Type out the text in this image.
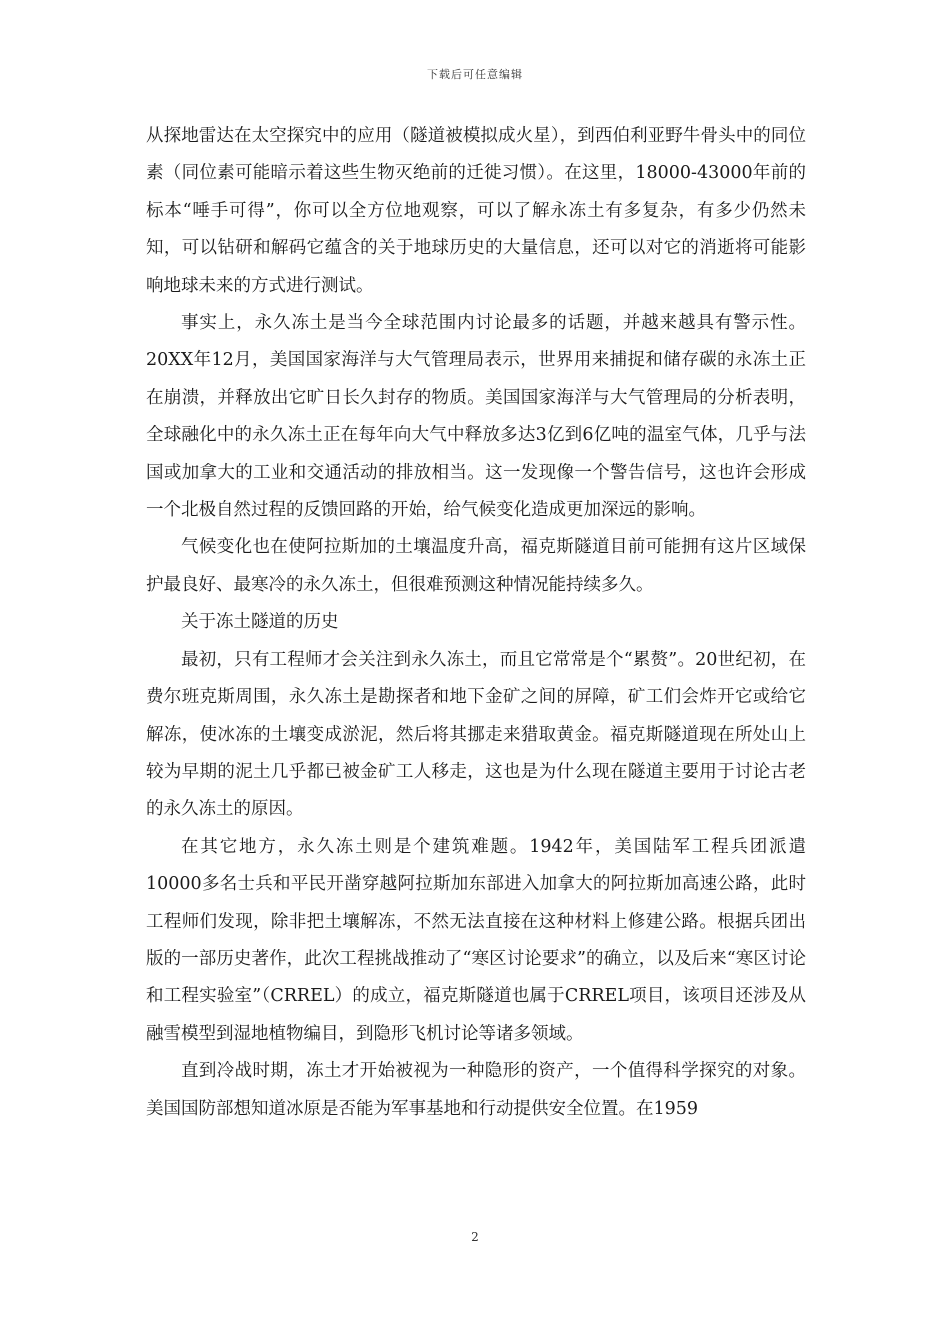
下载后可任意编辑

从探地雷达在太空探究中的应用（隧道被模拟成火星），到西伯利亚野牛骨头中的同位素（同位素可能暗示着这些生物灭绝前的迁徙习惯）。在这里，18000-43000年前的标本“唾手可得”，你可以全方位地观察，可以了解永冻土有多复杂，有多少仍然未知，可以钻研和解码它蕴含的关于地球历史的大量信息，还可以对它的消逝将可能影响地球未来的方式进行测试。

事实上，永久冻土是当今全球范围内讨论最多的话题，并越来越具有警示性。20XX年12月，美国国家海洋与大气管理局表示，世界用来捕捉和储存碳的永冻土正在崩溃，并释放出它旷日长久封存的物质。美国国家海洋与大气管理局的分析表明，全球融化中的永久冻土正在每年向大气中释放多达3亿到6亿吨的温室气体，几乎与法国或加拿大的工业和交通活动的排放相当。这一发现像一个警告信号，这也许会形成一个北极自然过程的反馈回路的开始，给气候变化造成更加深远的影响。

气候变化也在使阿拉斯加的土壤温度升高，福克斯隧道目前可能拥有这片区域保护最良好、最寒冷的永久冻土，但很难预测这种情况能持续多久。

关于冻土隧道的历史

最初，只有工程师才会关注到永久冻土，而且它常常是个“累赘”。20世纪初，在费尔班克斯周围，永久冻土是勘探者和地下金矿之间的屏障，矿工们会炸开它或给它解冻，使冰冻的土壤变成淤泥，然后将其挪走来猎取黄金。福克斯隧道现在所处山上较为早期的泥土几乎都已被金矿工人移走，这也是为什么现在隧道主要用于讨论古老的永久冻土的原因。

在其它地方，永久冻土则是个建筑难题。1942年，美国陆军工程兵团派遣10000多名士兵和平民开凿穿越阿拉斯加东部进入加拿大的阿拉斯加高速公路，此时工程师们发现，除非把土壤解冻，不然无法直接在这种材料上修建公路。根据兵团出版的一部历史著作，此次工程挑战推动了“寒区讨论要求”的确立，以及后来“寒区讨论和工程实验室”（CRREL）的成立，福克斯隧道也属于CRREL项目，该项目还涉及从融雪模型到湿地植物编目，到隐形飞机讨论等诸多领域。

直到冷战时期，冻土才开始被视为一种隐形的资产，一个值得科学探究的对象。美国国防部想知道冰原是否能为军事基地和行动提供安全位置。在1959

2
